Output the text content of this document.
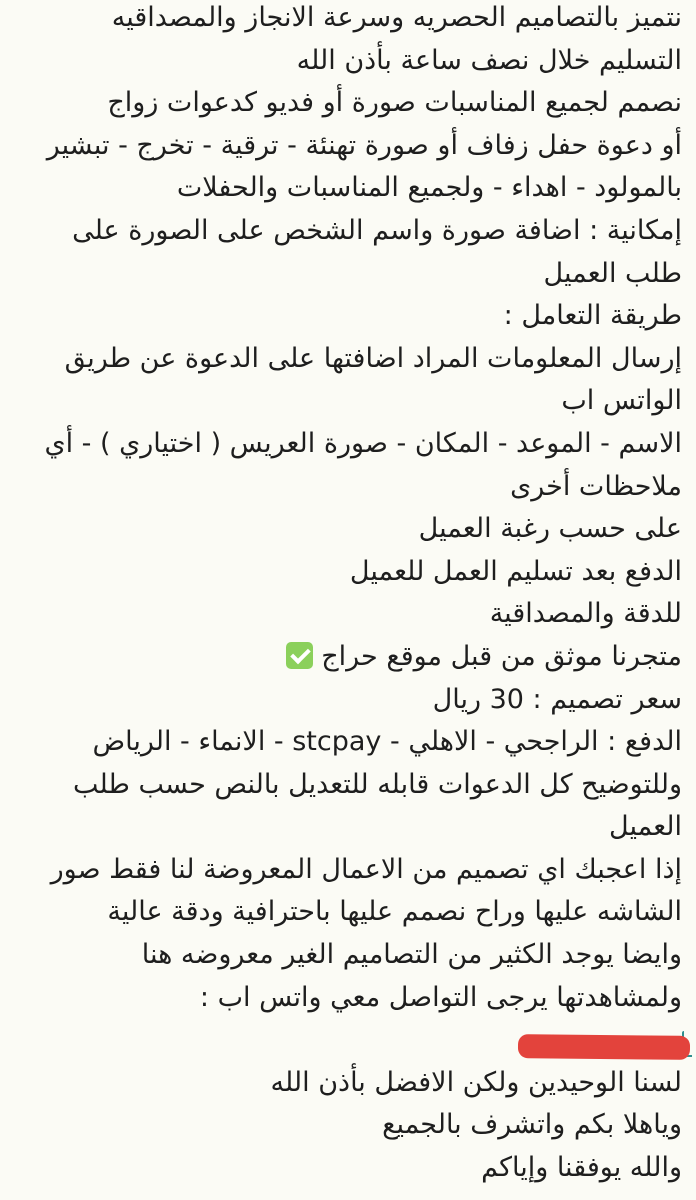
نتميز بالتصاميم الحصريه وسرعة الانجاز والمصداقيه
التسليم خلال نصف ساعة بأذن الله
نصمم لجميع المناسبات صورة أو فديو كدعوات زواج
أو دعوة حفل زفاف أو صورة تهنئة - ترقية - تخرج - تبشير
بالمولود - اهداء - ولجميع المناسبات والحفلات
إمكانية : اضافة صورة واسم الشخص على الصورة على
طلب العميل
طريقة التعامل :
إرسال المعلومات المراد اضافتها على الدعوة عن طريق
الواتس اب
الاسم - الموعد - المكان - صورة العريس ( اختياري ) - أي
ملاحظات أخرى
على حسب رغبة العميل
الدفع بعد تسليم العمل للعميل
للدقة والمصداقية
متجرنا موثق من قبل موقع حراج
سعر تصميم : 30 ريال
الدفع : الراجحي - الاهلي - stcpay - الانماء - الرياض
وللتوضيح كل الدعوات قابله للتعديل بالنص حسب طلب
العميل
إذا اعجبك اي تصميم من الاعمال المعروضة لنا فقط صور
الشاشه عليها وراح نصمم عليها باحترافية ودقة عالية
وايضا يوجد الكثير من التصاميم الغير معروضه هنا
ولمشاهدتها يرجى التواصل معي واتس اب :
لسنا الوحيدين ولكن الافضل بأذن الله
وياهلا بكم واتشرف بالجميع
والله يوفقنا وإياكم
